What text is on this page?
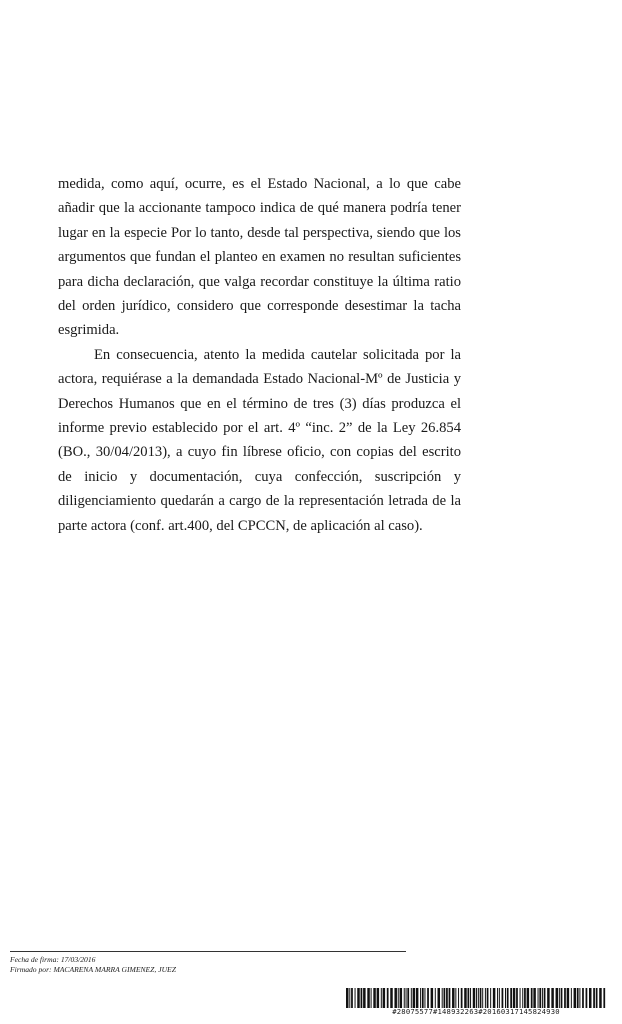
medida, como aquí, ocurre, es el Estado Nacional, a lo que cabe añadir que la accionante tampoco indica de qué manera podría tener lugar en la especie Por lo tanto, desde tal perspectiva, siendo que los argumentos que fundan el planteo en examen no resultan suficientes para dicha declaración, que valga recordar constituye la última ratio del orden jurídico, considero que corresponde desestimar la tacha esgrimida.

En consecuencia, atento la medida cautelar solicitada por la actora, requiérase a la demandada Estado Nacional-Mº de Justicia y Derechos Humanos que en el término de tres (3) días produzca el informe previo establecido por el art. 4º “inc. 2” de la Ley 26.854 (BO., 30/04/2013), a cuyo fin líbrese oficio, con copias del escrito de inicio y documentación, cuya confección, suscripción y diligenciamiento quedarán a cargo de la representación letrada de la parte actora (conf. art.400, del CPCCN, de aplicación al caso).

Fecha de firma: 17/03/2016
Firmado por: MACARENA MARRA GIMENEZ, JUEZ
#28075577#148932263#20160317145824930
